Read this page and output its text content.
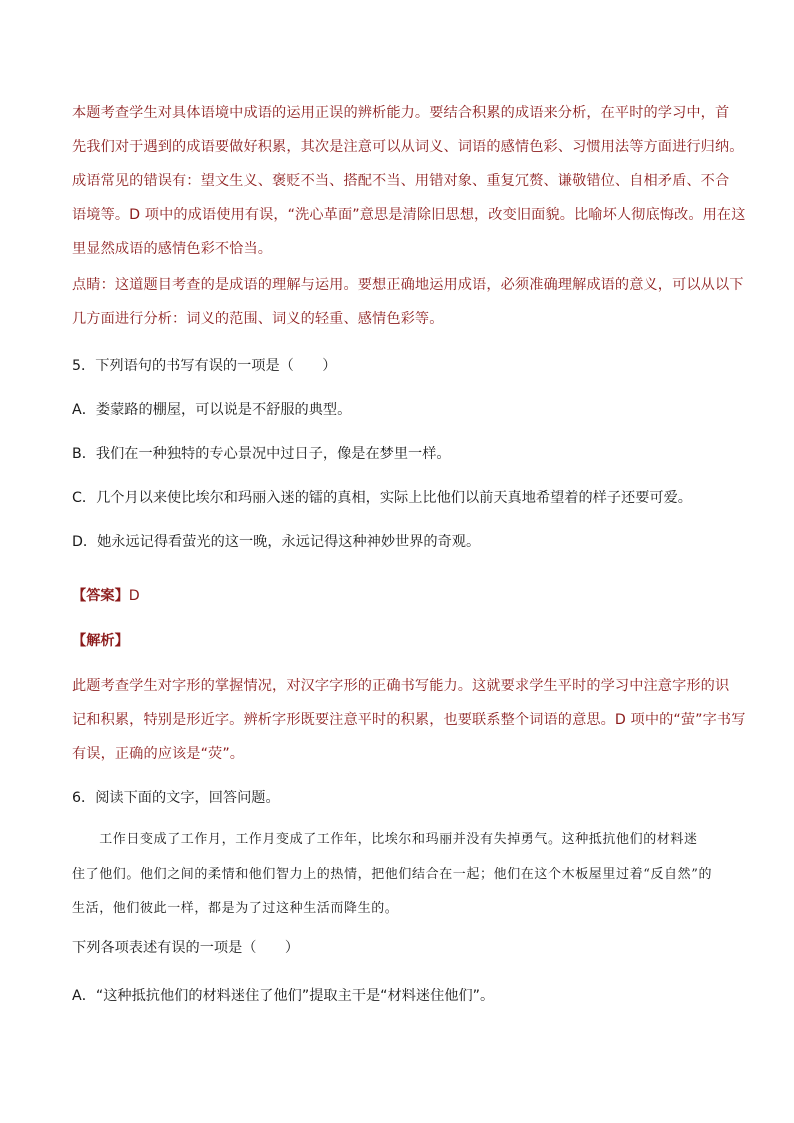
本题考查学生对具体语境中成语的运用正误的辨析能力。要结合积累的成语来分析，在平时的学习中，首
先我们对于遇到的成语要做好积累，其次是注意可以从词义、词语的感情色彩、习惯用法等方面进行归纳。
成语常见的错误有：望文生义、褒贬不当、搭配不当、用错对象、重复冗赘、谦敬错位、自相矛盾、不合
语境等。D 项中的成语使用有误，“洗心革面”意思是清除旧思想，改变旧面貌。比喻坏人彻底悔改。用在这
里显然成语的感情色彩不恰当。
点睛：这道题目考查的是成语的理解与运用。要想正确地运用成语，必须准确理解成语的意义，可以从以下
几方面进行分析：词义的范围、词义的轻重、感情色彩等。
5．下列语句的书写有误的一项是（　　）
A．娄蒙路的棚屋，可以说是不舒服的典型。
B．我们在一种独特的专心景况中过日子，像是在梦里一样。
C．几个月以来使比埃尔和玛丽入迷的镭的真相，实际上比他们以前天真地希望着的样子还要可爱。
D．她永远记得看萤光的这一晚，永远记得这种神妙世界的奇观。
【答案】D
【解析】
此题考查学生对字形的掌握情况，对汉字字形的正确书写能力。这就要求学生平时的学习中注意字形的识
记和积累，特别是形近字。辨析字形既要注意平时的积累，也要联系整个词语的意思。D 项中的“萤”字书写
有误，正确的应该是“荧”。
6．阅读下面的文字，回答问题。
　　工作日变成了工作月，工作月变成了工作年，比埃尔和玛丽并没有失掉勇气。这种抵抗他们的材料迷
住了他们。他们之间的柔情和他们智力上的热情，把他们结合在一起；他们在这个木板屋里过着“反自然”的
生活，他们彼此一样，都是为了过这种生活而降生的。
下列各项表述有误的一项是（　　）
A．“这种抵抗他们的材料迷住了他们”提取主干是“材料迷住他们”。
